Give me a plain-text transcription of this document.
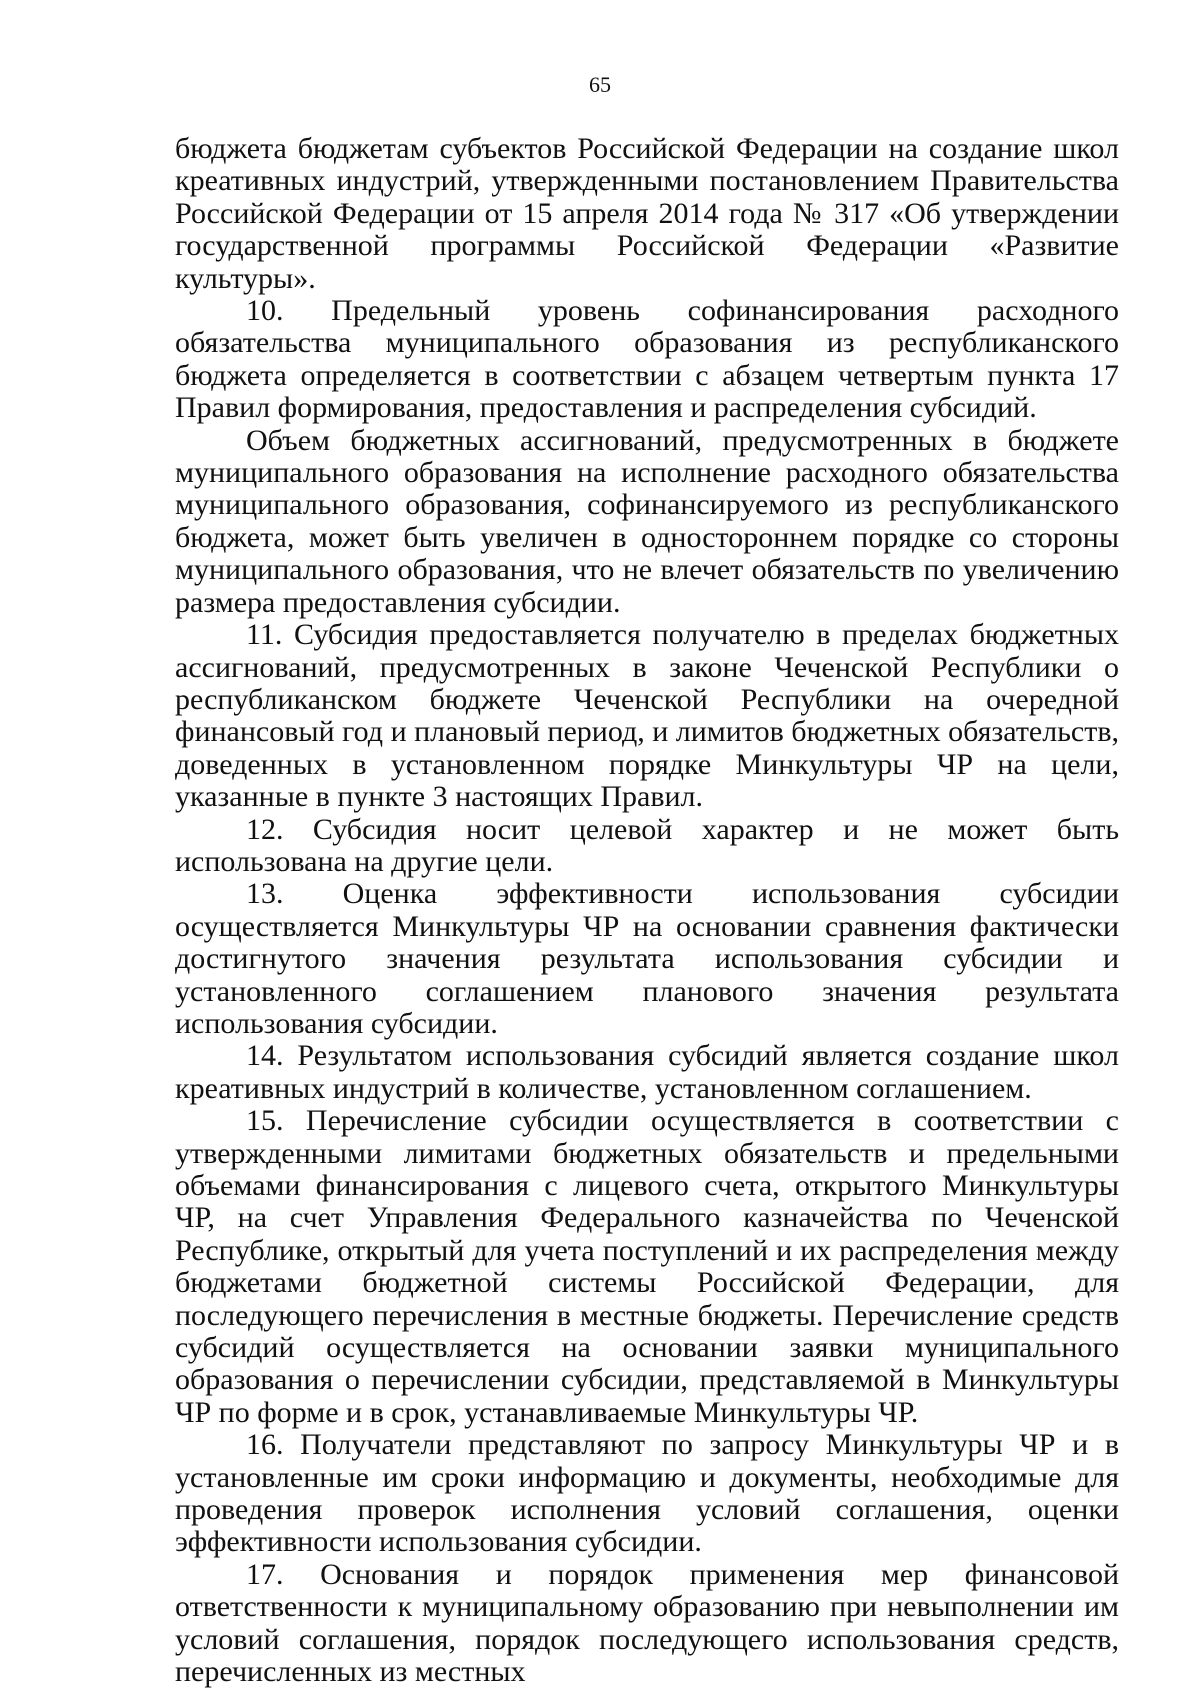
65

бюджета бюджетам субъектов Российской Федерации на создание школ креативных индустрий, утвержденными постановлением Правительства Российской Федерации от 15 апреля 2014 года № 317 «Об утверждении государственной программы Российской Федерации «Развитие культуры».

10. Предельный уровень софинансирования расходного обязательства муниципального образования из республиканского бюджета определяется в соответствии с абзацем четвертым пункта 17 Правил формирования, предоставления и распределения субсидий.

Объем бюджетных ассигнований, предусмотренных в бюджете муниципального образования на исполнение расходного обязательства муниципального образования, софинансируемого из республиканского бюджета, может быть увеличен в одностороннем порядке со стороны муниципального образования, что не влечет обязательств по увеличению размера предоставления субсидии.

11. Субсидия предоставляется получателю в пределах бюджетных ассигнований, предусмотренных в законе Чеченской Республики о республиканском бюджете Чеченской Республики на очередной финансовый год и плановый период, и лимитов бюджетных обязательств, доведенных в установленном порядке Минкультуры ЧР на цели, указанные в пункте 3 настоящих Правил.

12. Субсидия носит целевой характер и не может быть использована на другие цели.

13. Оценка эффективности использования субсидии осуществляется Минкультуры ЧР на основании сравнения фактически достигнутого значения результата использования субсидии и установленного соглашением планового значения результата использования субсидии.

14. Результатом использования субсидий является создание школ креативных индустрий в количестве, установленном соглашением.

15. Перечисление субсидии осуществляется в соответствии с утвержденными лимитами бюджетных обязательств и предельными объемами финансирования с лицевого счета, открытого Минкультуры ЧР, на счет Управления Федерального казначейства по Чеченской Республике, открытый для учета поступлений и их распределения между бюджетами бюджетной системы Российской Федерации, для последующего перечисления в местные бюджеты. Перечисление средств субсидий осуществляется на основании заявки муниципального образования о перечислении субсидии, представляемой в Минкультуры ЧР по форме и в срок, устанавливаемые Минкультуры ЧР.

16. Получатели представляют по запросу Минкультуры ЧР и в установленные им сроки информацию и документы, необходимые для проведения проверок исполнения условий соглашения, оценки эффективности использования субсидии.

17. Основания и порядок применения мер финансовой ответственности к муниципальному образованию при невыполнении им условий соглашения, порядок последующего использования средств, перечисленных из местных
